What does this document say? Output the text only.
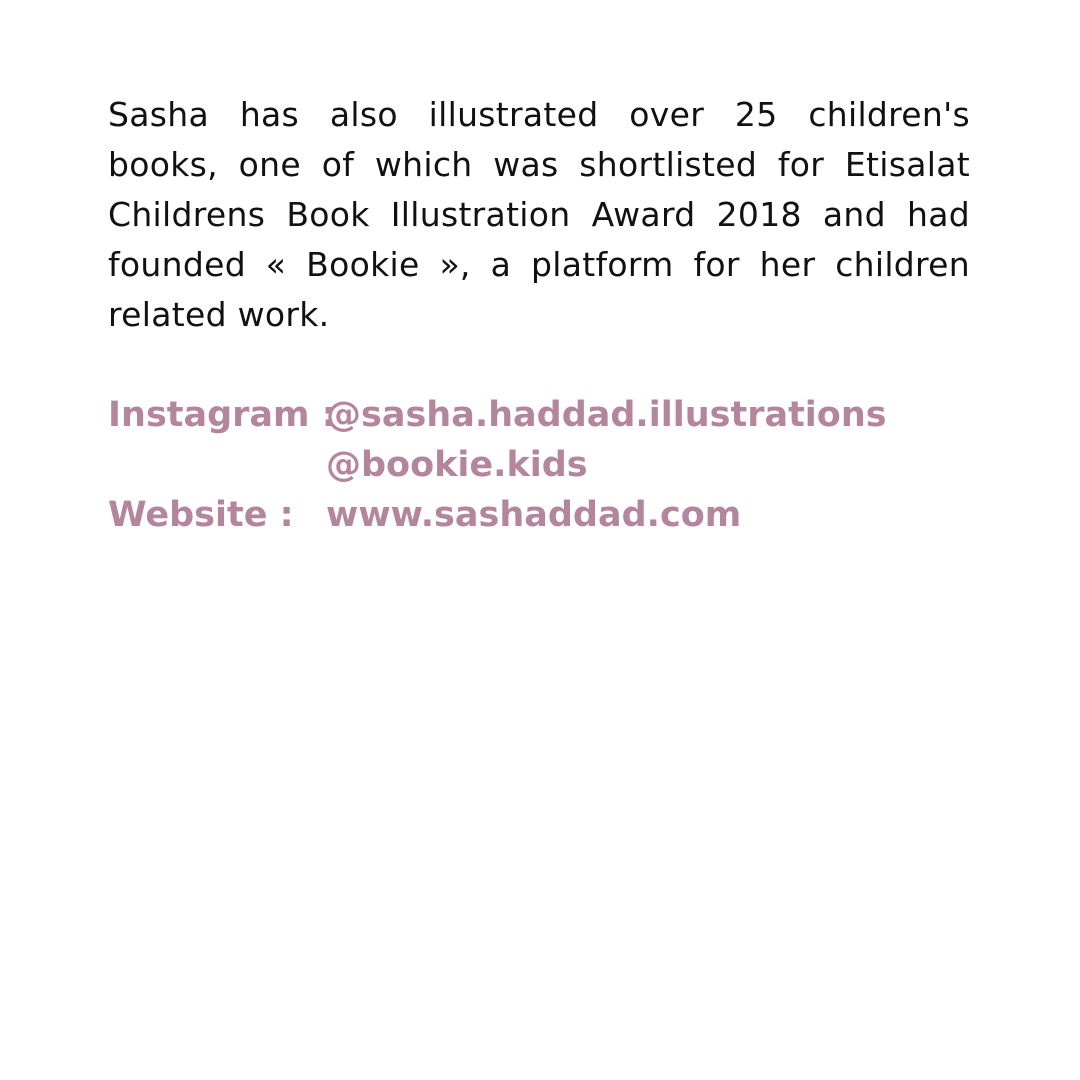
Sasha has also illustrated over 25 children's books, one of which was shortlisted for Etisalat Childrens Book Illustration Award 2018 and had founded « Bookie », a platform for her children related work.

Instagram :
@sasha.haddad.illustrations
@bookie.kids
Website : www.sashaddad.com
